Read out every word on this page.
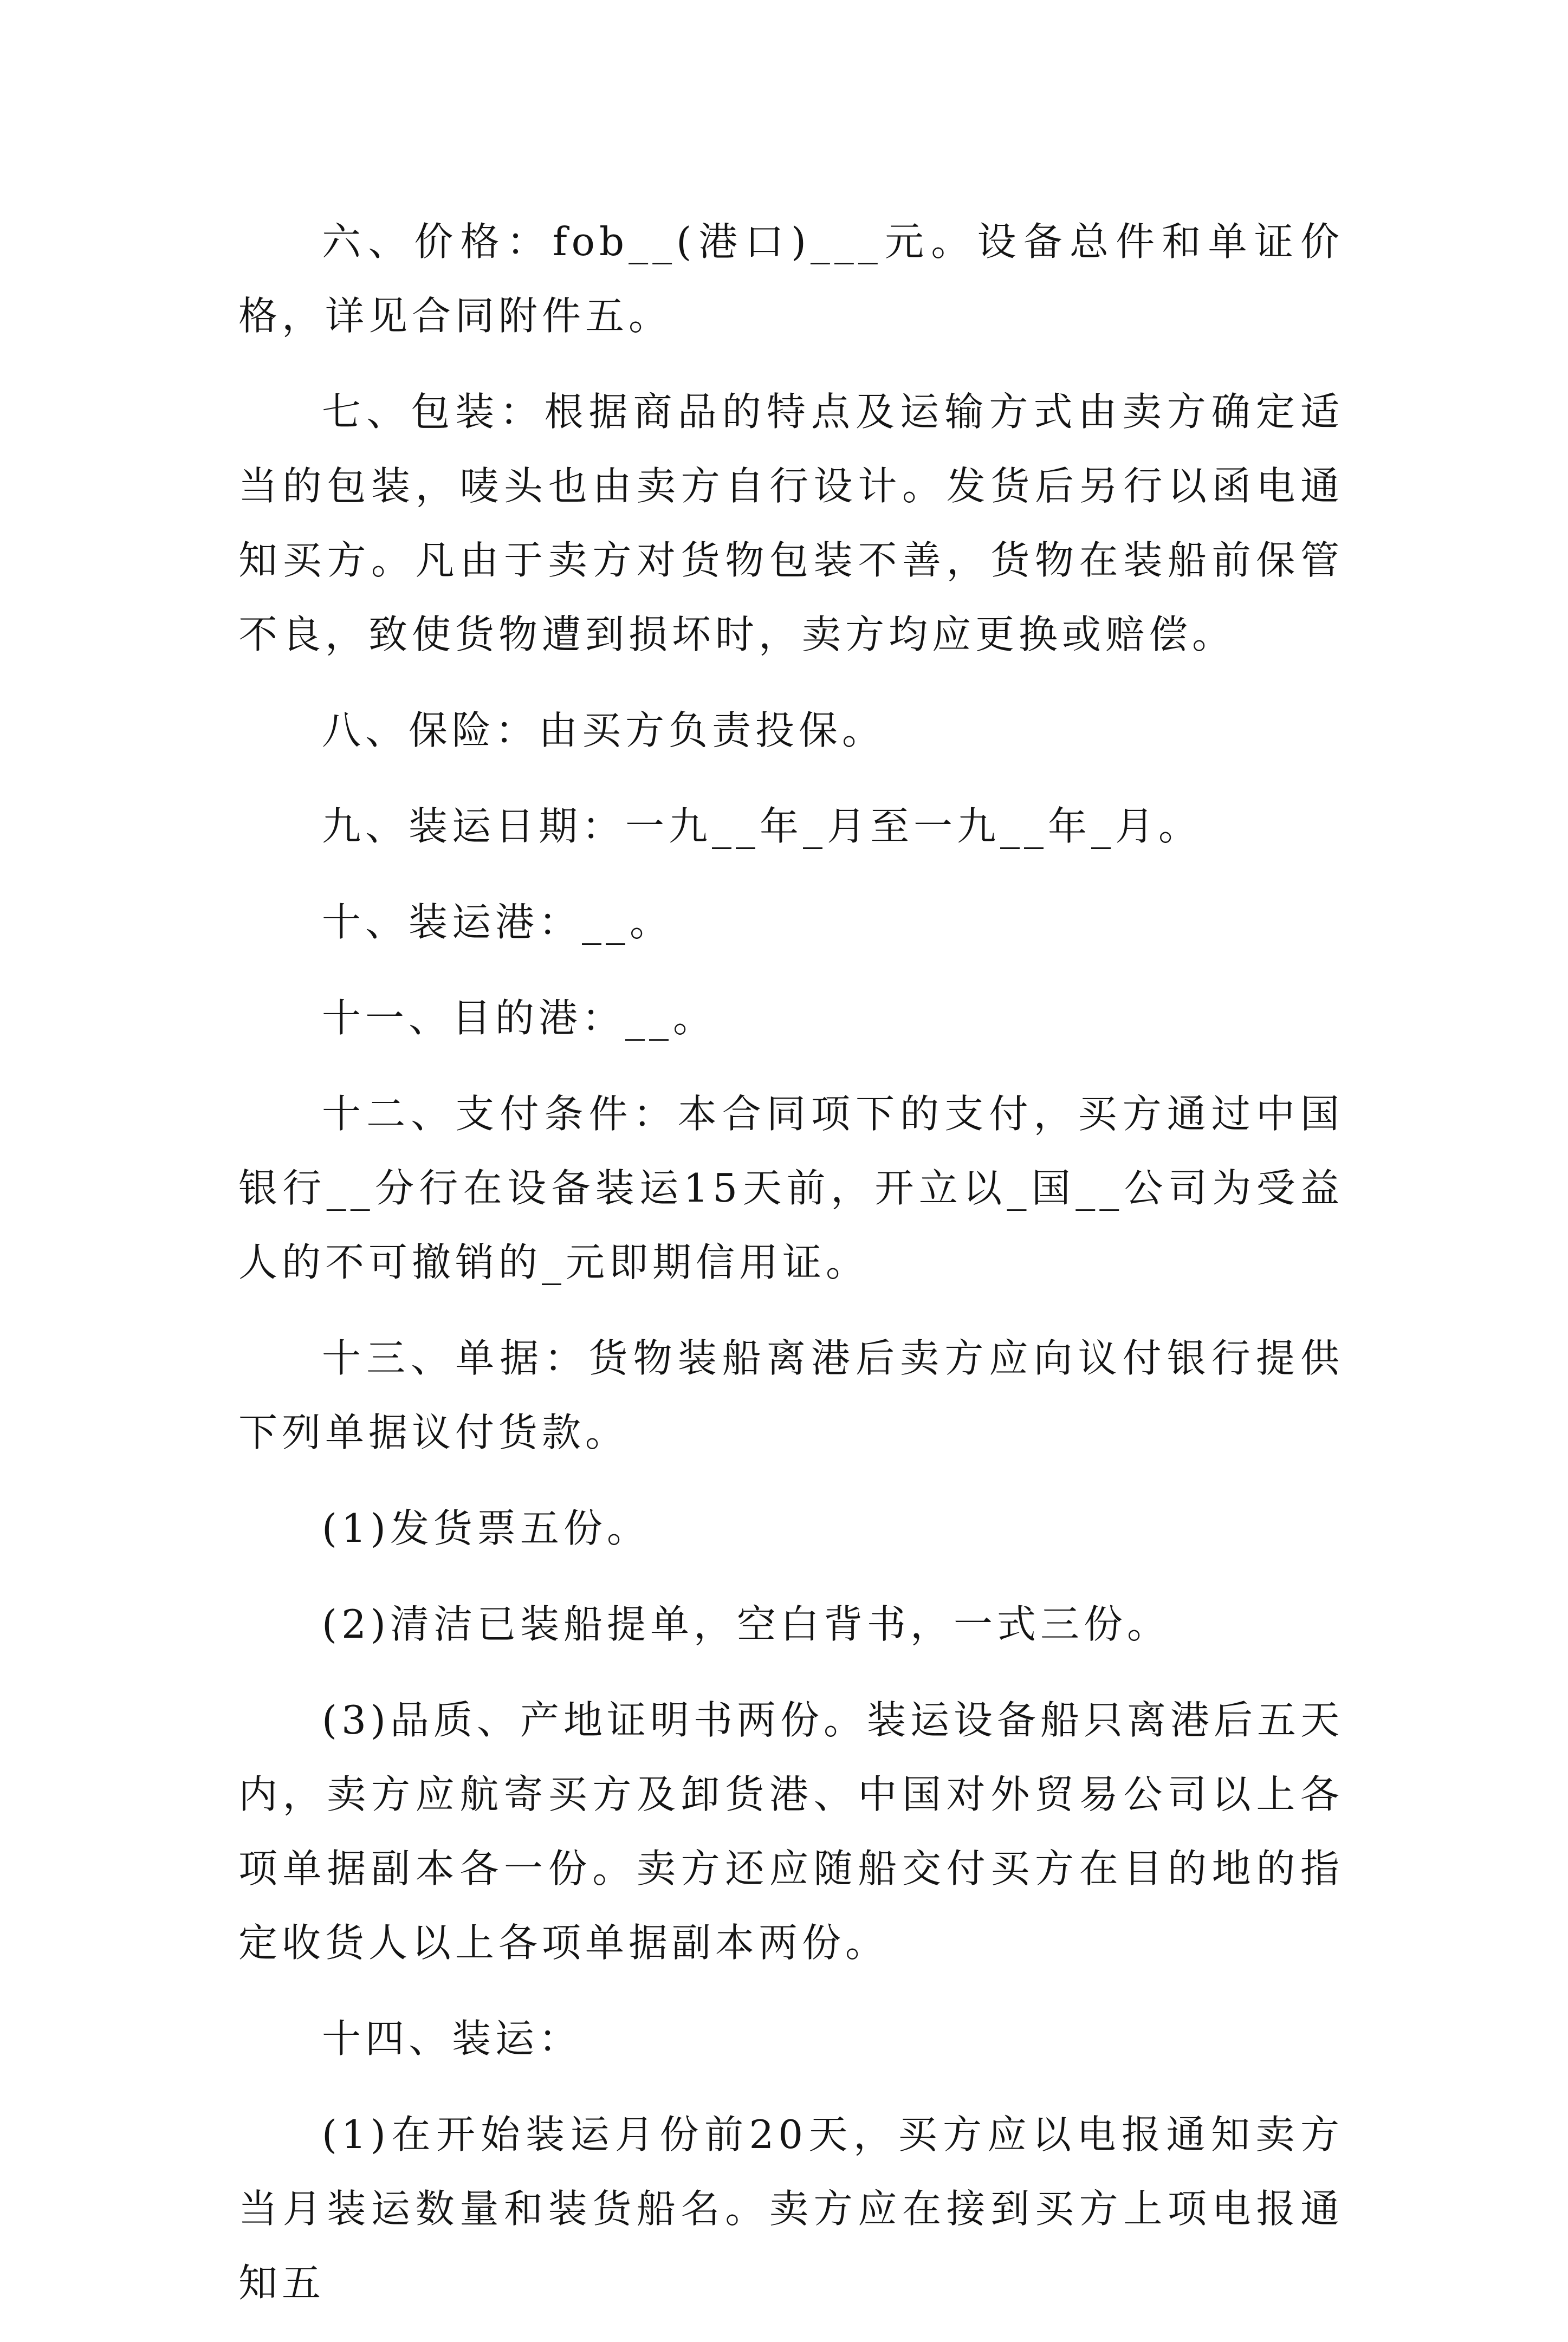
六、价格：fob__(港口)___元。设备总件和单证价格，详见合同附件五。

七、包装：根据商品的特点及运输方式由卖方确定适当的包装，唛头也由卖方自行设计。发货后另行以函电通知买方。凡由于卖方对货物包装不善，货物在装船前保管不良，致使货物遭到损坏时，卖方均应更换或赔偿。

八、保险：由买方负责投保。

九、装运日期：一九__年_月至一九__年_月。

十、装运港：__。

十一、目的港：__。

十二、支付条件：本合同项下的支付，买方通过中国银行__分行在设备装运15天前，开立以_国__公司为受益人的不可撤销的_元即期信用证。

十三、单据：货物装船离港后卖方应向议付银行提供下列单据议付货款。

(1)发货票五份。

(2)清洁已装船提单，空白背书，一式三份。

(3)品质、产地证明书两份。装运设备船只离港后五天内，卖方应航寄买方及卸货港、中国对外贸易公司以上各项单据副本各一份。卖方还应随船交付买方在目的地的指定收货人以上各项单据副本两份。

十四、装运：

(1)在开始装运月份前20天，买方应以电报通知卖方当月装运数量和装货船名。卖方应在接到买方上项电报通知五
